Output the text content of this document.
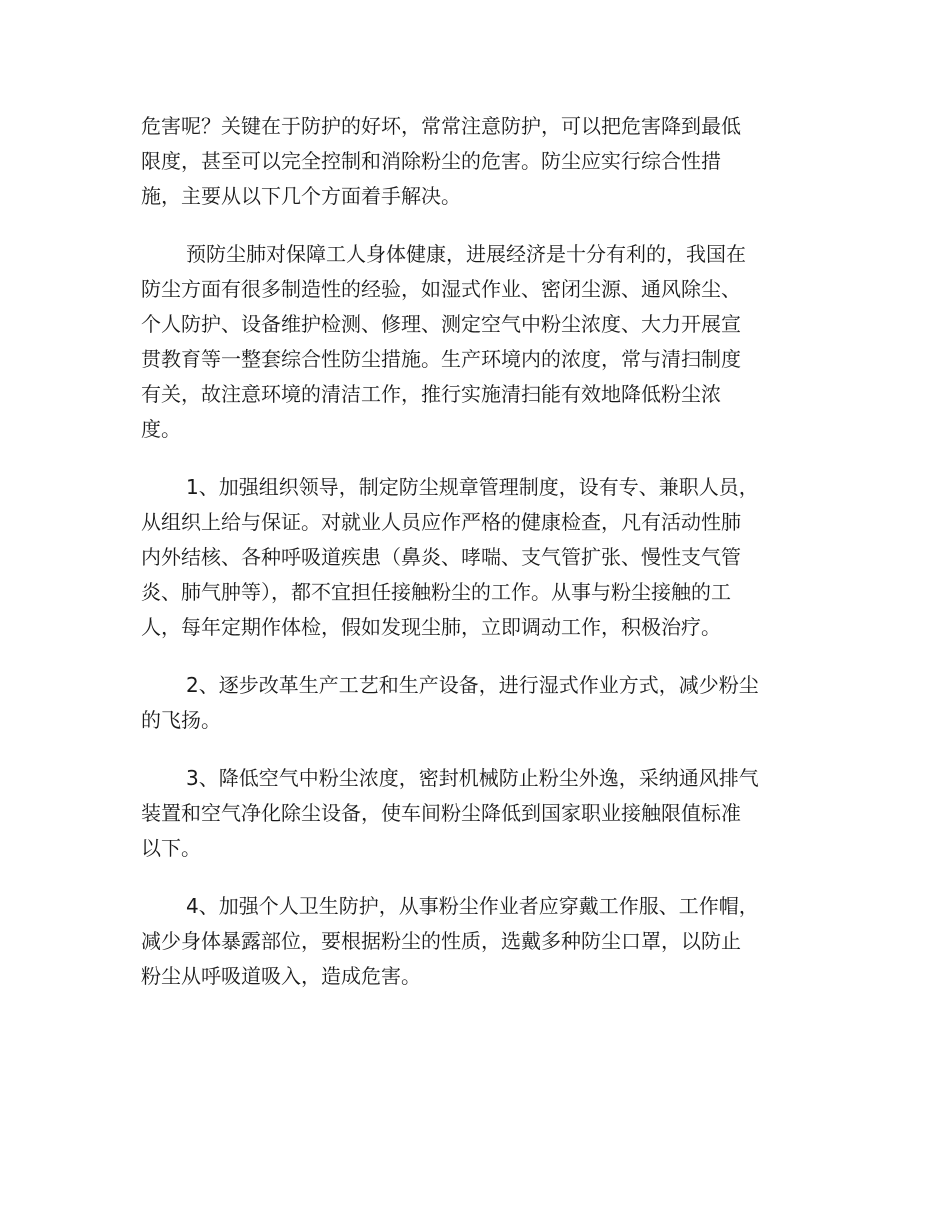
危害呢？关键在于防护的好坏，常常注意防护，可以把危害降到最低

限度，甚至可以完全控制和消除粉尘的危害。防尘应实行综合性措

施，主要从以下几个方面着手解决。

预防尘肺对保障工人身体健康，进展经济是十分有利的，我国在

防尘方面有很多制造性的经验，如湿式作业、密闭尘源、通风除尘、

个人防护、设备维护检测、修理、测定空气中粉尘浓度、大力开展宣

贯教育等一整套综合性防尘措施。生产环境内的浓度，常与清扫制度

有关，故注意环境的清洁工作，推行实施清扫能有效地降低粉尘浓

度。

1、加强组织领导，制定防尘规章管理制度，设有专、兼职人员，

从组织上给与保证。对就业人员应作严格的健康检查，凡有活动性肺

内外结核、各种呼吸道疾患（鼻炎、哮喘、支气管扩张、慢性支气管

炎、肺气肿等），都不宜担任接触粉尘的工作。从事与粉尘接触的工

人，每年定期作体检，假如发现尘肺，立即调动工作，积极治疗。

2、逐步改革生产工艺和生产设备，进行湿式作业方式，减少粉尘

的飞扬。

3、降低空气中粉尘浓度，密封机械防止粉尘外逸，采纳通风排气

装置和空气净化除尘设备，使车间粉尘降低到国家职业接触限值标准

以下。

4、加强个人卫生防护，从事粉尘作业者应穿戴工作服、工作帽，

减少身体暴露部位，要根据粉尘的性质，选戴多种防尘口罩，以防止

粉尘从呼吸道吸入，造成危害。
